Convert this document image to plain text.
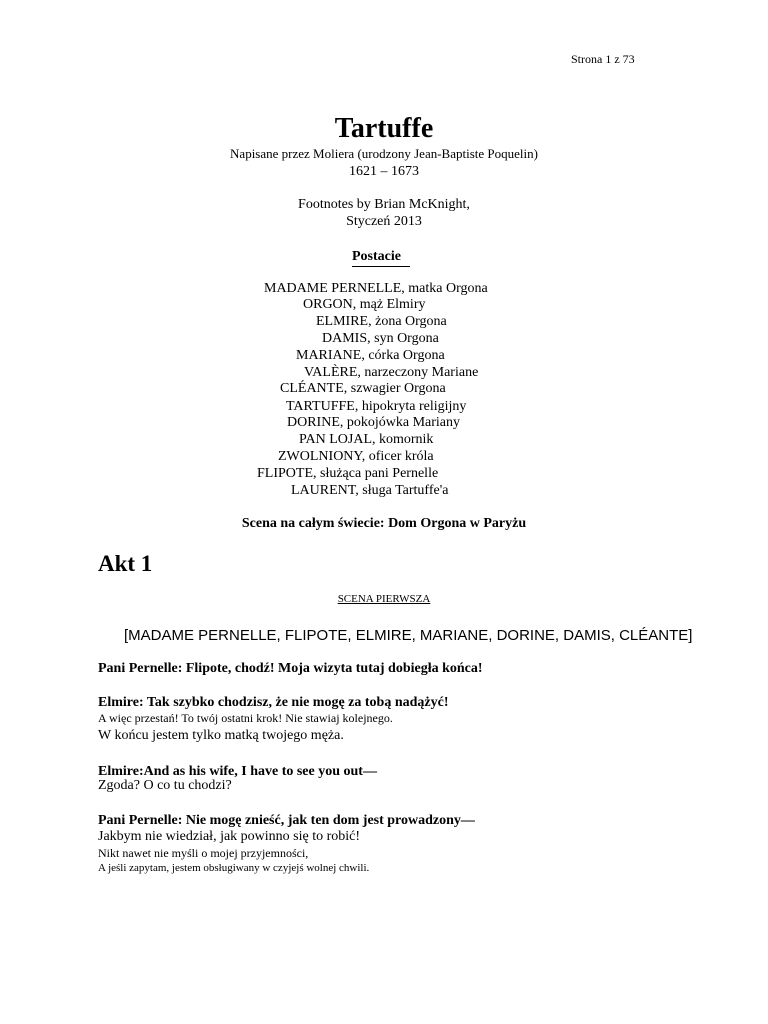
Strona 1 z 73
Tartuffe
Napisane przez Moliera (urodzony Jean-Baptiste Poquelin)
1621 – 1673
Footnotes by Brian McKnight,
Styczeń 2013
Postacie
MADAME PERNELLE, matka Orgona
ORGON, mąż Elmiry
ELMIRE, żona Orgona
DAMIS, syn Orgona
MARIANE, córka Orgona
VALÈRE, narzeczony Mariane
CLÉANTE, szwagier Orgona
TARTUFFE, hipokryta religijny
DORINE, pokojówka Mariany
PAN LOJAL, komornik
ZWOLNIONY, oficer króla
FLIPOTE, służąca pani Pernelle
LAURENT, sługa Tartuffe'a
Scena na całym świecie: Dom Orgona w Paryżu
Akt 1
SCENA PIERWSZA
[MADAME PERNELLE, FLIPOTE, ELMIRE, MARIANE, DORINE, DAMIS, CLÉANTE]
Pani Pernelle: Flipote, chodź! Moja wizyta tutaj dobiegła końca!
Elmire: Tak szybko chodzisz, że nie mogę za tobą nadążyć!
A więc przestań! To twój ostatni krok! Nie stawiaj kolejnego.
W końcu jestem tylko matką twojego męża.
Elmire:And as his wife, I have to see you out—
Zgoda? O co tu chodzi?
Pani Pernelle: Nie mogę znieść, jak ten dom jest prowadzony—
Jakbym nie wiedział, jak powinno się to robić!
Nikt nawet nie myśli o mojej przyjemności,
A jeśli zapytam, jestem obsługiwany w czyjejś wolnej chwili.
